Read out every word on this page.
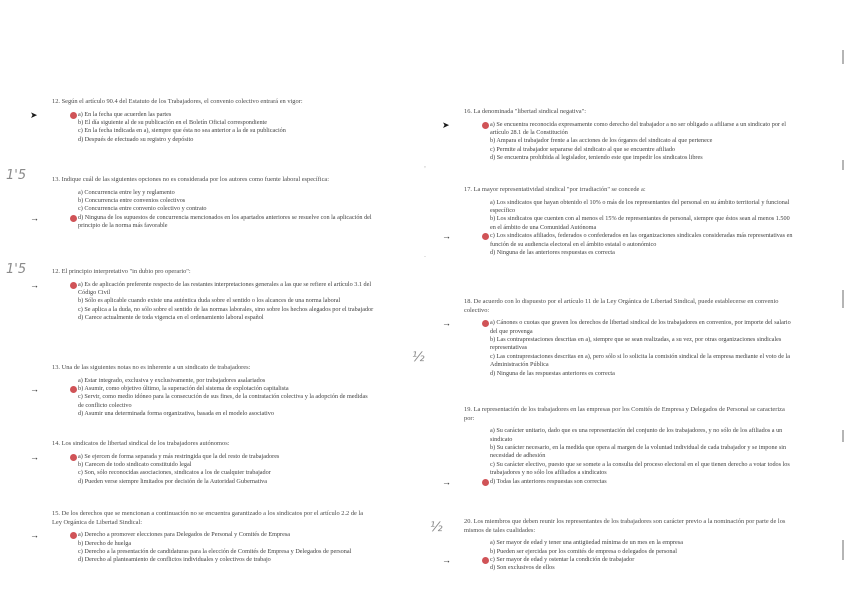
1'5
1'5
½
½
,
.

12. Según el artículo 90.4 del Estatuto de los Trabajadores, el convenio colectivo entrará en vigor:

➤	a) En la fecha que acuerden las partes
b) El día siguiente al de su publicación en el Boletín Oficial correspondiente
c) En la fecha indicada en a), siempre que ésta no sea anterior a la de su publicación
d) Después de efectuado su registro y depósito

13. Indique cuál de las siguientes opciones no es considerada por los autores como fuente laboral específica:

a) Concurrencia entre ley y reglamento
b) Concurrencia entre convenios colectivos
c) Concurrencia entre convenio colectivo y contrato
→	d) Ninguna de los supuestos de concurrencia mencionados en los apartados anteriores se resuelve con la aplicación del principio de la norma más favorable

12. El principio interpretativo "in dubio pro operario":

→	a) Es de aplicación preferente respecto de las restantes interpretaciones generales a las que se refiere el artículo 3.1 del Código Civil
b) Sólo es aplicable cuando existe una auténtica duda sobre el sentido o los alcances de una norma laboral
c) Se aplica a la duda, no sólo sobre el sentido de las normas laborales, sino sobre los hechos alegados por el trabajador
d) Carece actualmente de toda vigencia en el ordenamiento laboral español

13. Una de las siguientes notas no es inherente a un sindicato de trabajadores:

a) Estar integrado, exclusiva y exclusivamente, por trabajadores asalariados
→	b) Asumir, como objetivo último, la superación del sistema de explotación capitalista
c) Servir, como medio idóneo para la consecución de sus fines, de la contratación colectiva y la adopción de medidas de conflicto colectivo
d) Asumir una determinada forma organizativa, basada en el modelo asociativo

14. Los sindicatos de libertad sindical de los trabajadores autónomos:

→	a) Se ejercen de forma separada y más restringida que la del resto de trabajadores
b) Carecen de todo sindicato constituido legal
c) Son, sólo reconocidas asociaciones, sindicatos a los de cualquier trabajador
d) Pueden verse siempre limitados por decisión de la Autoridad Gubernativa

15. De los derechos que se mencionan a continuación no se encuentra garantizado a los sindicatos por el artículo 2.2 de la Ley Orgánica de Libertad Sindical:

→	a) Derecho a promover elecciones para Delegados de Personal y Comités de Empresa
b) Derecho de huelga
c) Derecho a la presentación de candidaturas para la elección de Comités de Empresa y Delegados de personal
d) Derecho al planteamiento de conflictos individuales y colectivos de trabajo

16. La denominada "libertad sindical negativa":

➤	a) Se encuentra reconocida expresamente como derecho del trabajador a no ser obligado a afiliarse a un sindicato por el artículo 28.1 de la Constitución
b) Ampara el trabajador frente a las acciones de los órganos del sindicato al que pertenece
c) Permite al trabajador separarse del sindicato al que se encuentre afiliado
d) Se encuentra prohibida al legislador, teniendo este que impedir los sindicatos libres

17. La mayor representatividad sindical "por irradiación" se concede a:

a) Los sindicatos que hayan obtenido el 10% o más de los representantes del personal en su ámbito territorial y funcional específico
b) Los sindicatos que cuenten con al menos el 15% de representantes de personal, siempre que éstos sean al menos 1.500 en el ámbito de una Comunidad Autónoma
→	c) Los sindicatos afiliados, federados o confederados en las organizaciones sindicales consideradas más representativas en función de su audiencia electoral en el ámbito estatal o autonómico
d) Ninguna de las anteriores respuestas es correcta

18. De acuerdo con lo dispuesto por el artículo 11 de la Ley Orgánica de Libertad Sindical, puede establecerse en convenio colectivo:

→	a) Cánones o cuotas que graven los derechos de libertad sindical de los trabajadores en convenios, por importe del salario del que provenga
b) Las contraprestaciones descritas en a), siempre que se sean realizadas, a su vez, por otras organizaciones sindicales representativas
c) Las contraprestaciones descritas en a), pero sólo si lo solicita la comisión sindical de la empresa mediante el voto de la Administración Pública
d) Ninguna de las respuestas anteriores es correcta

19. La representación de los trabajadores en las empresas por los Comités de Empresa y Delegados de Personal se caracteriza por:

a) Su carácter unitario, dado que es una representación del conjunto de los trabajadores, y no sólo de los afiliados a un sindicato
b) Su carácter necesario, en la medida que opera al margen de la voluntad individual de cada trabajador y se impone sin necesidad de adhesión
c) Su carácter electivo, puesto que se somete a la consulta del proceso electoral en el que tienen derecho a votar todos los trabajadores y no sólo los afiliados a sindicatos
→	d) Todas las anteriores respuestas son correctas

20. Los miembros que deben reunir los representantes de los trabajadores son carácter previo a la nominación por parte de los mismos de tales cualidades:

a) Ser mayor de edad y tener una antigüedad mínima de un mes en la empresa
b) Pueden ser ejercidas por los comités de empresa o delegados de personal
→	c) Ser mayor de edad y ostentar la condición de trabajador
d) Son exclusivos de ellos
